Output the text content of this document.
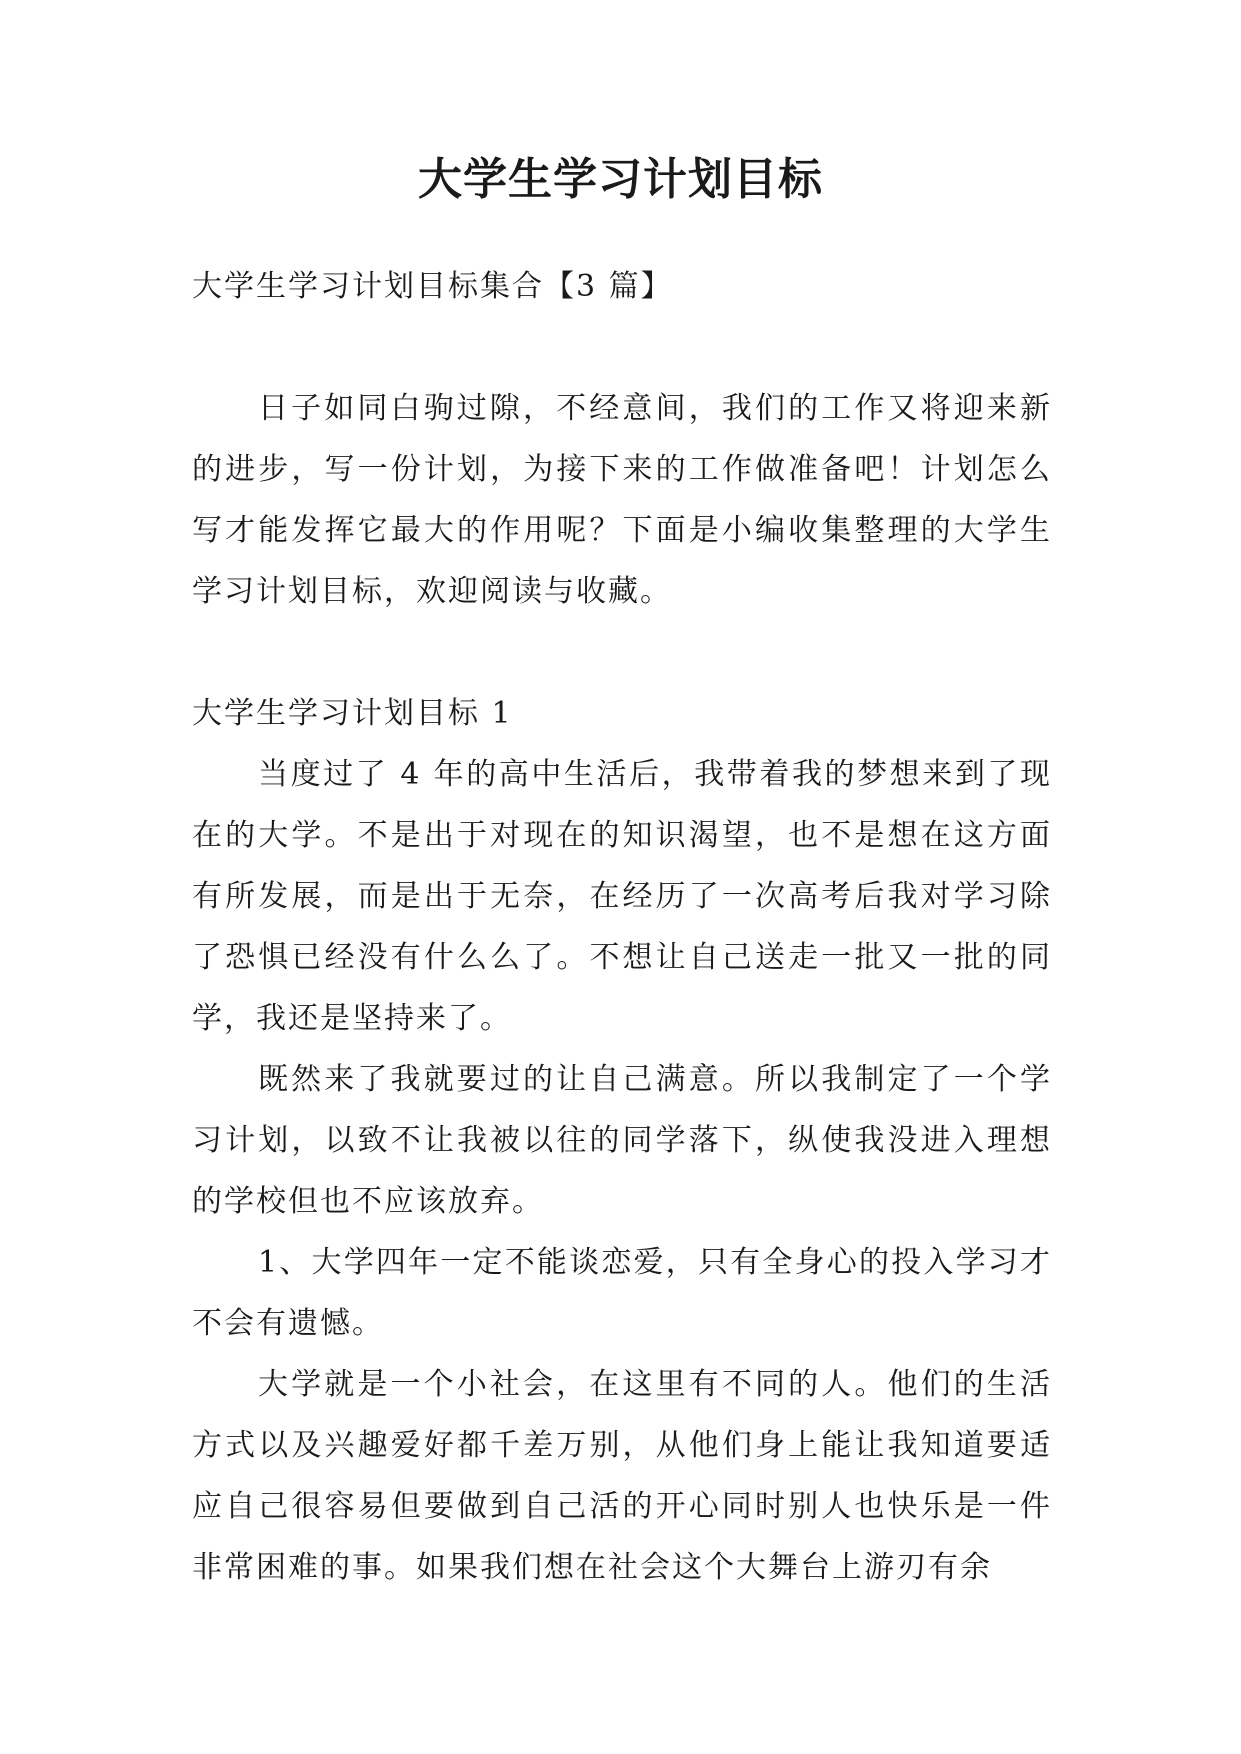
大学生学习计划目标

大学生学习计划目标集合【3 篇】

日子如同白驹过隙，不经意间，我们的工作又将迎来新的进步，写一份计划，为接下来的工作做准备吧！计划怎么写才能发挥它最大的作用呢？下面是小编收集整理的大学生学习计划目标，欢迎阅读与收藏。

大学生学习计划目标 1

当度过了 4 年的高中生活后，我带着我的梦想来到了现在的大学。不是出于对现在的知识渴望，也不是想在这方面有所发展，而是出于无奈，在经历了一次高考后我对学习除了恐惧已经没有什么么了。不想让自己送走一批又一批的同学，我还是坚持来了。

既然来了我就要过的让自己满意。所以我制定了一个学习计划，以致不让我被以往的同学落下，纵使我没进入理想的学校但也不应该放弃。

1、大学四年一定不能谈恋爱，只有全身心的投入学习才不会有遗憾。

大学就是一个小社会，在这里有不同的人。他们的生活方式以及兴趣爱好都千差万别，从他们身上能让我知道要适应自己很容易但要做到自己活的开心同时别人也快乐是一件非常困难的事。如果我们想在社会这个大舞台上游刃有余
